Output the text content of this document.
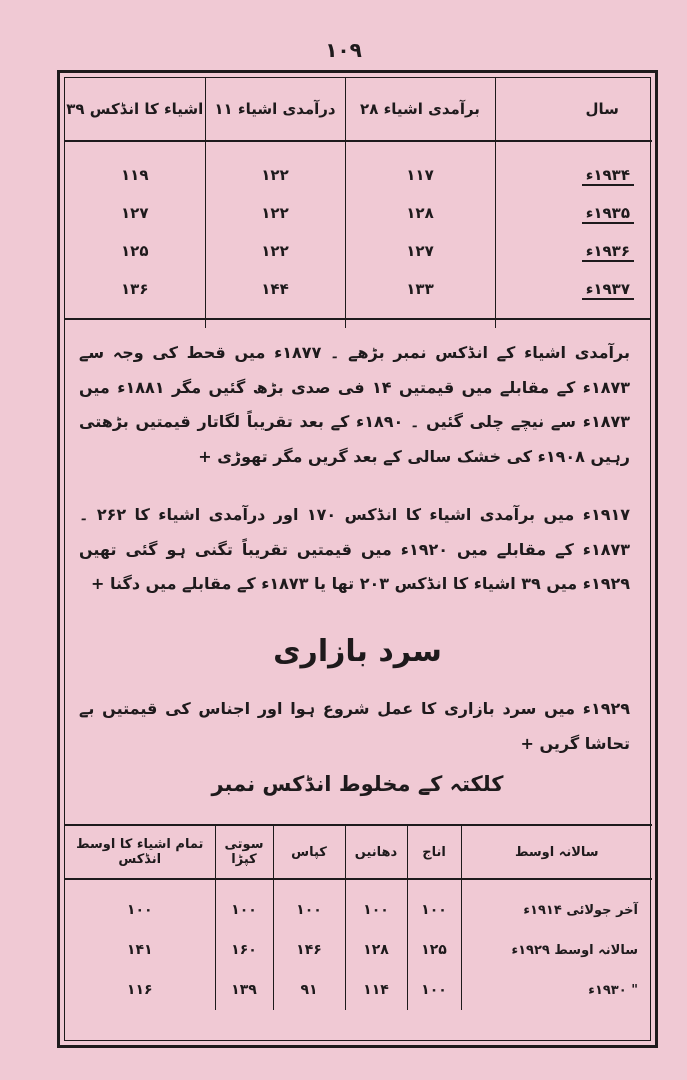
۱۰۹
۳۹ اشیاء کا انڈکس	۱۱ درآمدی اشیاء	۲۸ برآمدی اشیاء	سال
۱۱۹	۱۲۲	۱۱۷	۱۹۳۴ء
۱۲۷	۱۲۲	۱۲۸	۱۹۳۵ء
۱۲۵	۱۲۲	۱۲۷	۱۹۳۶ء
۱۳۶	۱۴۴	۱۳۳	۱۹۳۷ء
برآمدی اشیاء کے انڈکس نمبر بڑھے ۔ ۱۸۷۷ء میں قحط کی وجہ سے ۱۸۷۳ء کے مقابلے میں قیمتیں ۱۴ فی صدی بڑھ گئیں مگر ۱۸۸۱ء میں ۱۸۷۳ء سے نیچے چلی گئیں ۔ ۱۸۹۰ء کے بعد تقریباً لگاتار قیمتیں بڑھتی رہیں ۱۹۰۸ء کی خشک سالی کے بعد گریں مگر تھوڑی +
۱۹۱۷ء میں برآمدی اشیاء کا انڈکس ۱۷۰ اور درآمدی اشیاء کا ۲۶۲ ۔ ۱۸۷۳ء کے مقابلے میں ۱۹۲۰ء میں قیمتیں تقریباً تگنی ہو گئی تھیں ۱۹۲۹ء میں ۳۹ اشیاء کا انڈکس ۲۰۳ تھا یا ۱۸۷۳ء کے مقابلے میں دگنا +
سرد بازاری
۱۹۲۹ء میں سرد بازاری کا عمل شروع ہوا اور اجناس کی قیمتیں بے تحاشا گریں +
کلکتہ کے مخلوط انڈکس نمبر
تمام اشیاء کا اوسط انڈکس	سوتی کپڑا	کپاس	دھانیں	اناج	سالانہ اوسط
۱۰۰	۱۰۰	۱۰۰	۱۰۰	۱۰۰	آخر جولائی ۱۹۱۴ء
۱۴۱	۱۶۰	۱۴۶	۱۲۸	۱۲۵	سالانہ اوسط ۱۹۲۹ء
۱۱۶	۱۳۹	۹۱	۱۱۴	۱۰۰	" ۱۹۳۰ء
